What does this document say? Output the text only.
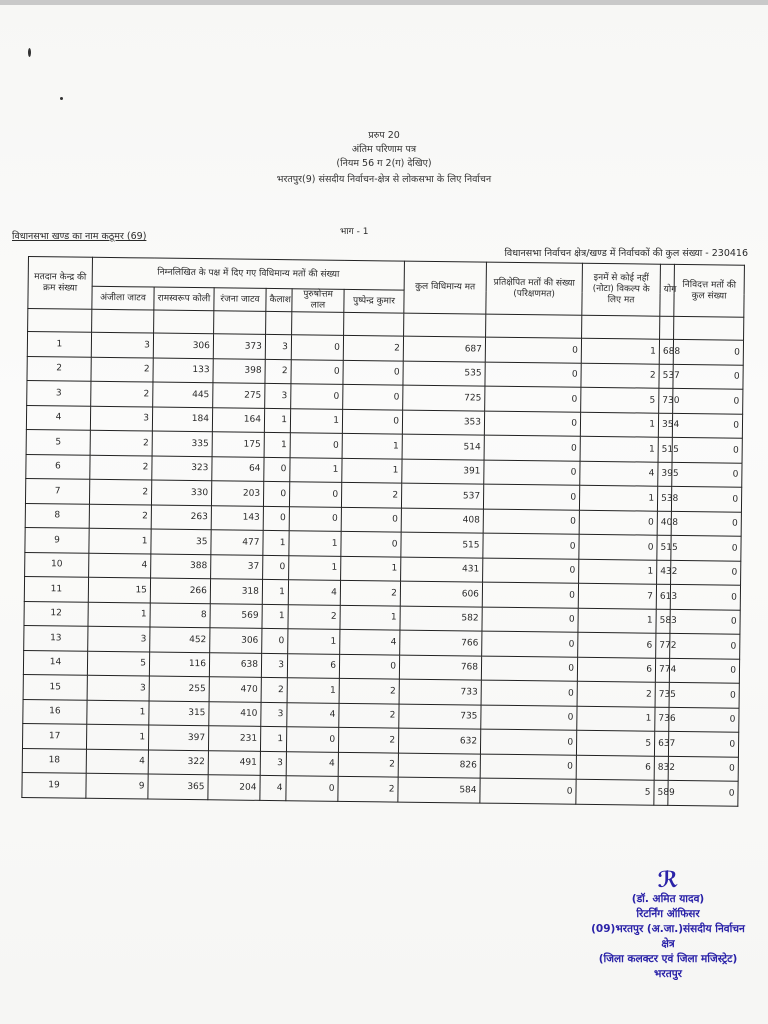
प्ररुप 20
अंतिम परिणाम पत्र
(नियम 56 ग 2(ग) देखिए)
भरतपुर(9) संसदीय निर्वाचन-क्षेत्र से लोकसभा के लिए निर्वाचन
भाग - 1
विधानसभा खण्ड का नाम कठूमर (69)
विधानसभा निर्वाचन क्षेत्र/खण्ड में निर्वाचकों की कुल संख्या - 230416
मतदान केन्द्र की क्रम संख्या	निम्नलिखित के पक्ष में दिए गए विधिमान्य मतों की संख्या						कुल विधिमान्य मत	प्रतिक्षेपित मतों की संख्या (परिक्षणमत)	इनमें से कोई नहीं (नोटा) विकल्प के लिए मत	योग	निविदत्त मतों की कुल संख्या
	अंजीला जाटव	रामस्वरूप कोली	रंजना जाटव	कैलाश	पुरुषोत्तम लाल	पुष्पेन्द्र कुमार					

1	3	306	373	3	0	2	687	0	1	688	0
2	2	133	398	2	0	0	535	0	2	537	0
3	2	445	275	3	0	0	725	0	5	730	0
4	3	184	164	1	1	0	353	0	1	354	0
5	2	335	175	1	0	1	514	0	1	515	0
6	2	323	64	0	1	1	391	0	4	395	0
7	2	330	203	0	0	2	537	0	1	538	0
8	2	263	143	0	0	0	408	0	0	408	0
9	1	35	477	1	1	0	515	0	0	515	0
10	4	388	37	0	1	1	431	0	1	432	0
11	15	266	318	1	4	2	606	0	7	613	0
12	1	8	569	1	2	1	582	0	1	583	0
13	3	452	306	0	1	4	766	0	6	772	0
14	5	116	638	3	6	0	768	0	6	774	0
15	3	255	470	2	1	2	733	0	2	735	0
16	1	315	410	3	4	2	735	0	1	736	0
17	1	397	231	1	0	2	632	0	5	637	0
18	4	322	491	3	4	2	826	0	6	832	0
19	9	365	204	4	0	2	584	0	5	589	0
ℛ
(डॉ. अमित यादव)
रिटर्निंग ऑफिसर
(09)भरतपुर (अ.जा.)संसदीय निर्वाचन क्षेत्र
(जिला कलक्टर एवं जिला मजिस्ट्रेट)
भरतपुर
